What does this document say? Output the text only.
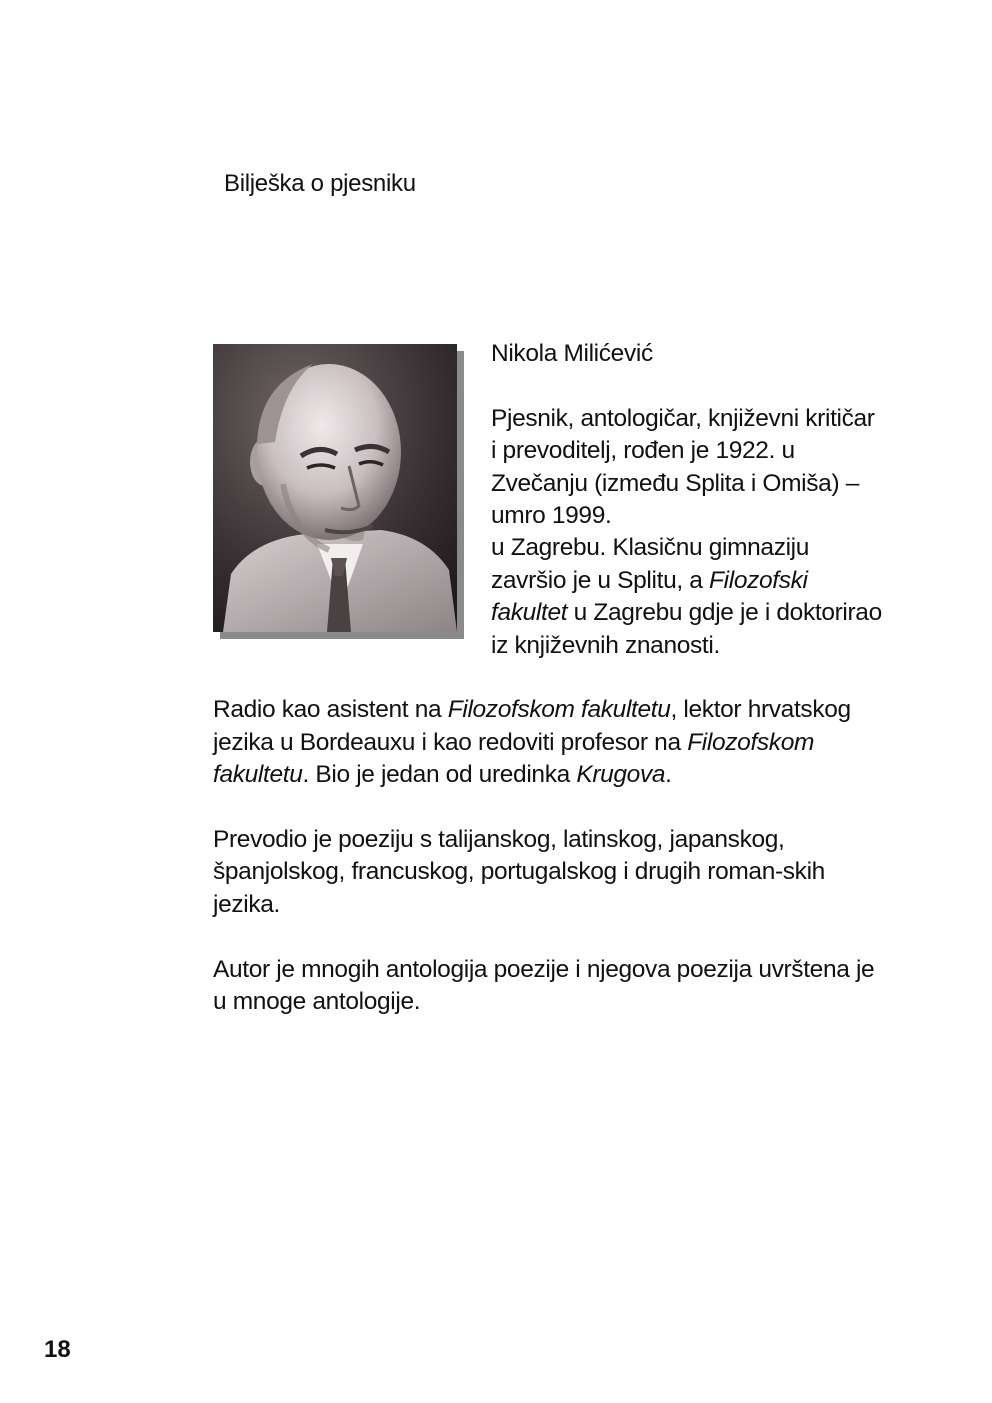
Bilješka o pjesniku
Nikola Milićević

Pjesnik, antologičar, književni kritičar i prevoditelj, rođen je 1922. u Zvečanju (između Splita i Omiša) – umro 1999.
u Zagrebu. Klasičnu gimnaziju završio je u Splitu, a Filozofski fakultet u Zagrebu gdje je i doktorirao iz književnih znanosti.

Radio kao asistent na Filozofskom fakultetu, lektor hrvatskog jezika u Bordeauxu i kao redoviti profesor na Filozofskom fakultetu. Bio je jedan od uredinka Krugova.

Prevodio je poeziju s talijanskog, latinskog, japanskog, španjolskog, francuskog, portugalskog i drugih roman-skih jezika.

Autor je mnogih antologija poezije i njegova poezija uvrštena je u mnoge antologije.

18
